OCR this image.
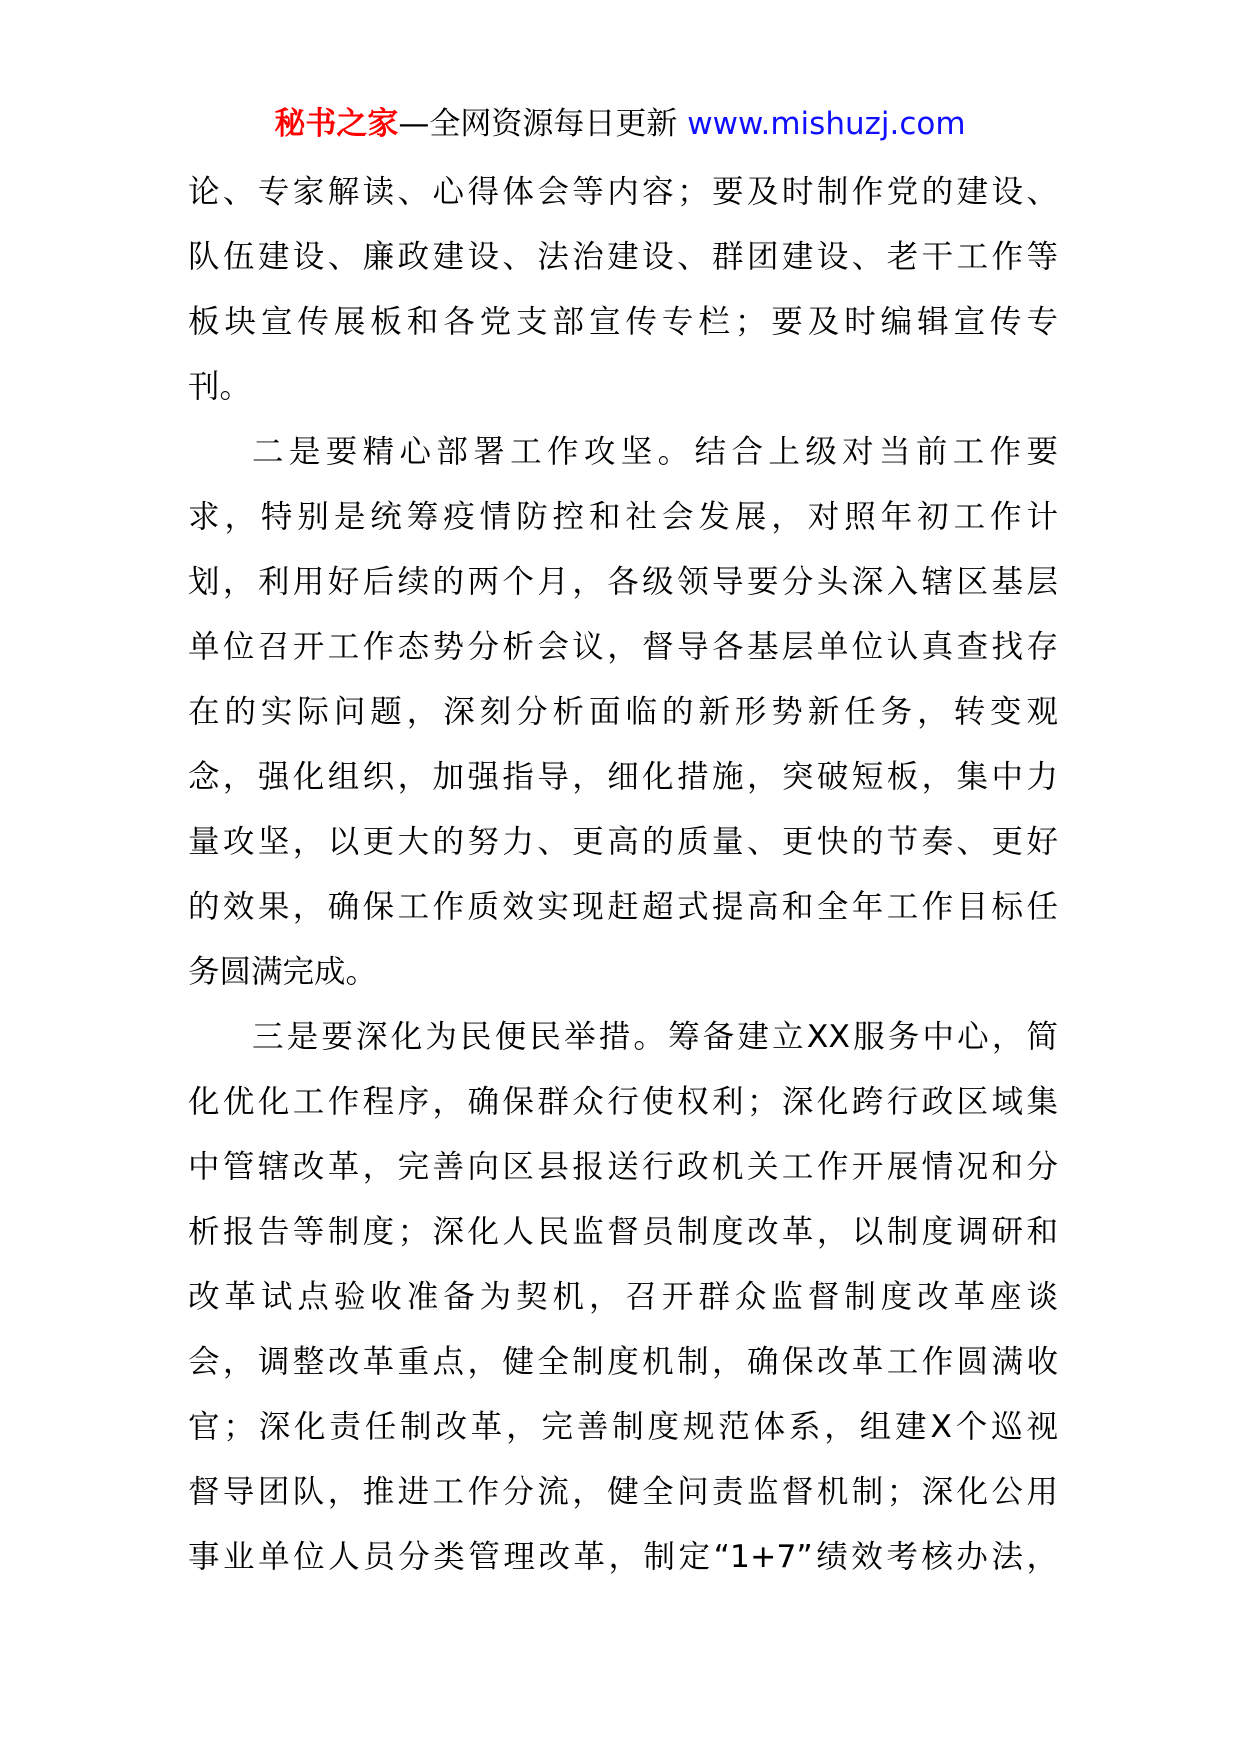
秘书之家—全网资源每日更新 www.mishuzj.com
论、专家解读、心得体会等内容；要及时制作党的建设、
队伍建设、廉政建设、法治建设、群团建设、老干工作等
板块宣传展板和各党支部宣传专栏；要及时编辑宣传专
刊。
二是要精心部署工作攻坚。结合上级对当前工作要
求，特别是统筹疫情防控和社会发展，对照年初工作计
划，利用好后续的两个月，各级领导要分头深入辖区基层
单位召开工作态势分析会议，督导各基层单位认真查找存
在的实际问题，深刻分析面临的新形势新任务，转变观
念，强化组织，加强指导，细化措施，突破短板，集中力
量攻坚，以更大的努力、更高的质量、更快的节奏、更好
的效果，确保工作质效实现赶超式提高和全年工作目标任
务圆满完成。
三是要深化为民便民举措。筹备建立XX服务中心，简
化优化工作程序，确保群众行使权利；深化跨行政区域集
中管辖改革，完善向区县报送行政机关工作开展情况和分
析报告等制度；深化人民监督员制度改革，以制度调研和
改革试点验收准备为契机，召开群众监督制度改革座谈
会，调整改革重点，健全制度机制，确保改革工作圆满收
官；深化责任制改革，完善制度规范体系，组建X个巡视
督导团队，推进工作分流，健全问责监督机制；深化公用
事业单位人员分类管理改革，制定“1+7”绩效考核办法，
